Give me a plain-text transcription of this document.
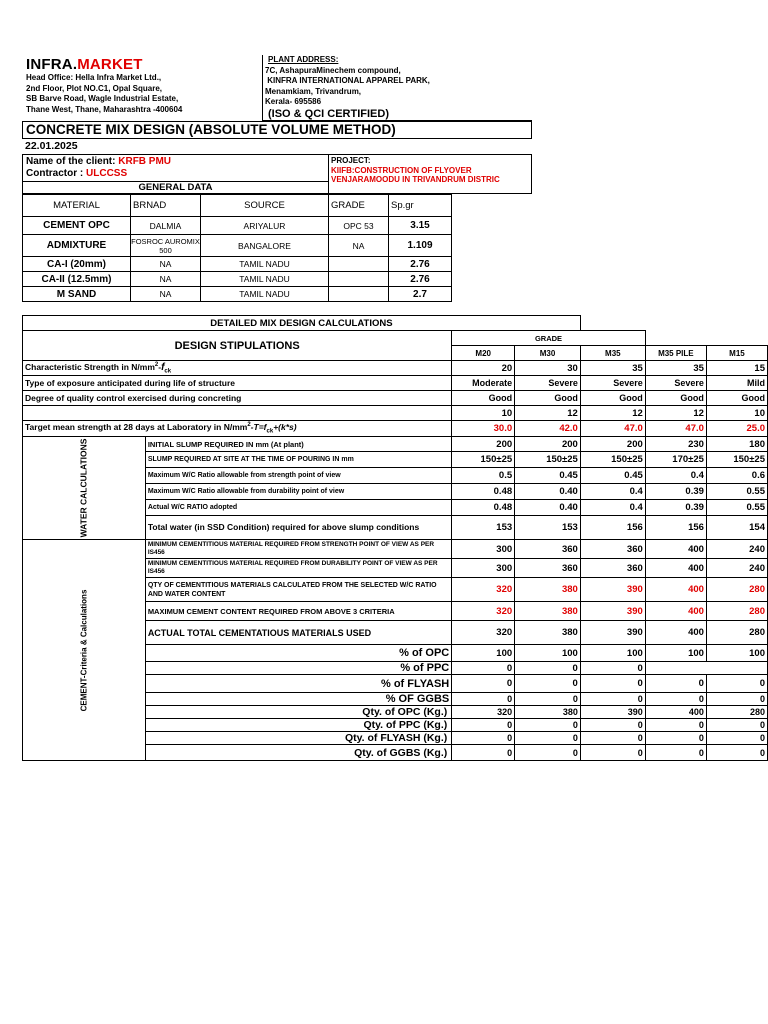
INFRA.MARKET
Head Office: Hella Infra Market Ltd.,
2nd Floor, Plot NO.C1, Opal Square,
SB Barve Road, Wagle Industrial Estate,
Thane West, Thane, Maharashtra -400604
PLANT ADDRESS:
7C, AshapuraMinechem compound,
KINFRA INTERNATIONAL APPAREL PARK,
Menamkiam, Trivandrum,
Kerala- 695586
(ISO & QCI CERTIFIED)
CONCRETE MIX DESIGN (ABSOLUTE VOLUME METHOD)
22.01.2025
Name of the client: KRFB PMU
Contractor : ULCCSS
PROJECT:
KIIFB:CONSTRUCTION OF FLYOVER VENJARAMOODU IN TRIVANDRUM DISTRIC
GENERAL DATA
MATERIAL	BRNAD	SOURCE	GRADE	Sp.gr
CEMENT OPC	DALMIA	ARIYALUR	OPC 53	3.15
ADMIXTURE	FOSROC AUROMIX 500	BANGALORE	NA	1.109
CA-I (20mm)	NA	TAMIL NADU		2.76
CA-II (12.5mm)	NA	TAMIL NADU		2.76
M SAND	NA	TAMIL NADU		2.7
DETAILED MIX DESIGN CALCULATIONS						
DESIGN STIPULATIONS		GRADE				
		M20	M30	M35	M35 PILE	M15
Characteristic Strength in $N/mm^2-f_{ck}$		20	30	35	35	15
Type of exposure anticipated during life of structure		Moderate	Severe	Severe	Severe	Mild
Degree of quality control exercised during concreting		Good	Good	Good	Good	Good
		10	12	12	12	10
Target mean strength at 28 days at Laboratory in $N/mm^2-T=f_{ck}+(k*s)$		30.0	42.0	47.0	47.0	25.0
WATER CALCULATIONS	INITIAL SLUMP REQUIRED IN mm (At plant)	200	200	200	230	180
	SLUMP REQUIRED AT SITE AT THE TIME OF POURING IN mm	150±25	150±25	150±25	170±25	150±25
	Maximum W/C Ratio allowable from strength point of view	0.5	0.45	0.45	0.4	0.6
	Maximum W/C Ratio allowable from durability point of view	0.48	0.40	0.4	0.39	0.55
	Actual W/C RATIO adopted	0.48	0.40	0.4	0.39	0.55
	Total water (in SSD Condition) required for above slump conditions	153	153	156	156	154
CEMENT-Criteria & Calculations	MINIMUM CEMENTITIOUS MATERIAL REQUIRED FROM STRENGTH POINT OF VIEW AS PER IS456	300	360	360	400	240
	MINIMUM CEMENTITIOUS MATERIAL REQUIRED FROM DURABILITY POINT OF VIEW AS PER IS456	300	360	360	400	240
	QTY OF CEMENTITIOUS MATERIALS CALCULATED FROM THE SELECTED W/C RATIO AND WATER CONTENT	320	380	390	400	280
	MAXIMUM CEMENT CONTENT REQUIRED FROM ABOVE 3 CRITERIA	320	380	390	400	280
	ACTUAL TOTAL CEMENTATIOUS MATERIALS USED	320	380	390	400	280
	% of OPC	100	100	100	100	100
	% of PPC	0	0	0		
	% of FLYASH	0	0	0	0	0
	% OF GGBS	0	0	0	0	0
	Qty. of OPC (Kg.)	320	380	390	400	280
	Qty. of PPC (Kg.)	0	0	0	0	0
	Qty. of FLYASH (Kg.)	0	0	0	0	0
	Qty. of GGBS (Kg.)	0	0	0	0	0
